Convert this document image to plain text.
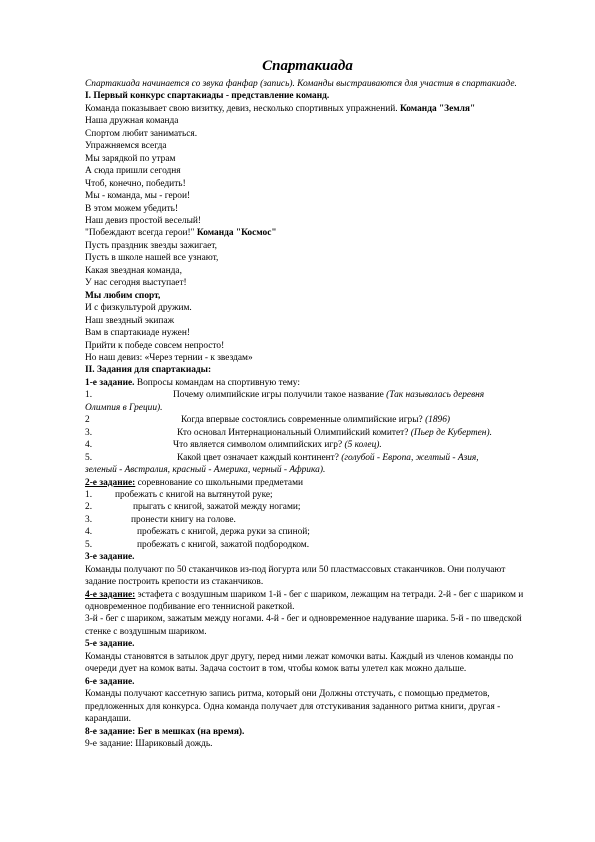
Спартакиада

Спартакиада начинается со звука фанфар (запись). Команды выстраиваются для участия в спартакиаде.

I. Первый конкурс спартакиады - представление команд.

Команда показывает свою визитку, девиз, несколько спортивных упражнений. Команда "Земля"

Наша дружная команда

Спортом любит заниматься.

Упражняемся всегда

Мы зарядкой по утрам

А сюда пришли сегодня

Чтоб, конечно, победить!

Мы - команда, мы - герои!

В этом можем убедить!

Наш девиз простой веселый!

"Побеждают всегда герои!" Команда "Космос"

Пусть праздник звезды зажигает,

Пусть в школе нашей все узнают,

Какая звездная команда,

У нас сегодня выступает!

Мы любим спорт,

И с физкультурой дружим.

Наш звездный экипаж

Вам в спартакиаде нужен!

Прийти к победе совсем непросто!

Но наш девиз: «Через тернии - к звездам»

II. Задания для спартакиады:

1-е задание. Вопросы командам на спортивную тему:

1.	Почему олимпийские игры получили такое название (Так называлась деревня

Олимпия в Греции).

2	Когда впервые состоялись современные олимпийские игры? (1896)

3.	Кто основал Интернациональный Олимпийский комитет? (Пьер де Кубертен).

4.	Что является символом олимпийских игр? (5 колец).

5.	Какой цвет означает каждый континент? (голубой - Европа, желтый - Азия,

зеленый - Австралия, красный - Америка, черный - Африка).

2-е задание: соревнование со школьными предметами

1. пробежать с книгой на вытянутой руке;

2.	прыгать с книгой, зажатой между ногами;

3.	пронести книгу на голове.

4.	пробежать с книгой, держа руки за спиной;

5.	пробежать с книгой, зажатой подбородком.

3-е задание.

Команды получают по 50 стаканчиков из-под йогурта или 50 пластмассовых стаканчиков. Они получают задание построить крепости из стаканчиков.

4-е задание: эстафета с воздушным шариком 1-й - бег с шариком, лежащим на тетради. 2-й - бег с шариком и одновременное подбивание его теннисной ракеткой.

3-й - бег с шариком, зажатым между ногами. 4-й - бег и одновременное надувание шарика. 5-й - по шведской стенке с воздушным шариком.

5-е задание.

Команды становятся в затылок друг другу, перед ними лежат комочки ваты. Каждый из членов команды по очереди дует на комок ваты. Задача состоит в том, чтобы комок ваты улетел как можно дальше.

6-е задание.

Команды получают кассетную запись ритма, который они Должны отстучать, с помощью предметов, предложенных для конкурса. Одна команда получает для отстукивания заданного ритма книги, другая - карандаши.

8-е задание: Бег в мешках (на время).

9-е задание: Шариковый дождь.
